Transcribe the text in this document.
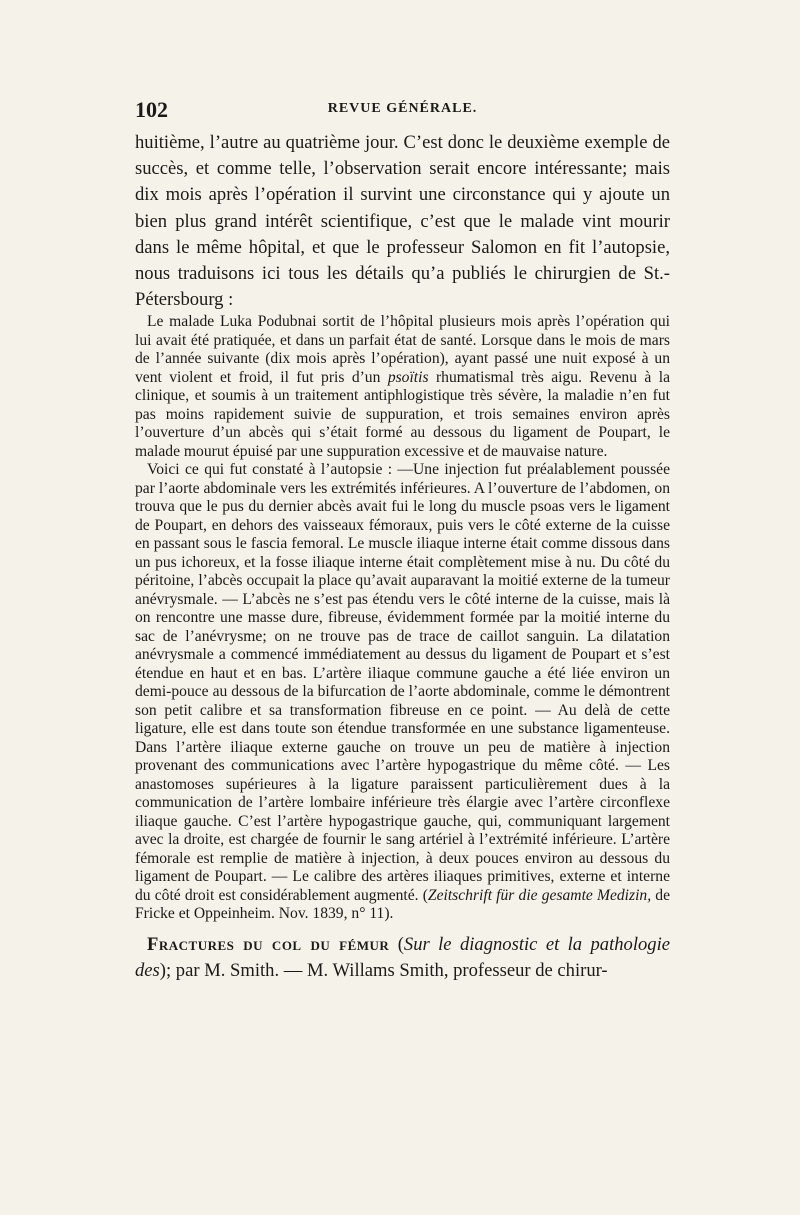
102	REVUE GÉNÉRALE.

huitième, l’autre au quatrième jour. C’est donc le deuxième exemple de succès, et comme telle, l’observation serait encore intéressante; mais dix mois après l’opération il survint une circonstance qui y ajoute un bien plus grand intérêt scientifique, c’est que le malade vint mourir dans le même hôpital, et que le professeur Salomon en fit l’autopsie, nous traduisons ici tous les détails qu’a publiés le chirurgien de St.-Pétersbourg :

Le malade Luka Podubnai sortit de l’hôpital plusieurs mois après l’opération qui lui avait été pratiquée, et dans un parfait état de santé. Lorsque dans le mois de mars de l’année suivante (dix mois après l’opération), ayant passé une nuit exposé à un vent violent et froid, il fut pris d’un psoïtis rhumatismal très aigu. Revenu à la clinique, et soumis à un traitement antiphlogistique très sévère, la maladie n’en fut pas moins rapidement suivie de suppuration, et trois semaines environ après l’ouverture d’un abcès qui s’était formé au dessous du ligament de Poupart, le malade mourut épuisé par une suppuration excessive et de mauvaise nature.

Voici ce qui fut constaté à l’autopsie : —Une injection fut préalablement poussée par l’aorte abdominale vers les extrémités inférieures. A l’ouverture de l’abdomen, on trouva que le pus du dernier abcès avait fui le long du muscle psoas vers le ligament de Poupart, en dehors des vaisseaux fémoraux, puis vers le côté externe de la cuisse en passant sous le fascia femoral. Le muscle iliaque interne était comme dissous dans un pus ichoreux, et la fosse iliaque interne était complètement mise à nu. Du côté du péritoine, l’abcès occupait la place qu’avait auparavant la moitié externe de la tumeur anévrysmale. — L’abcès ne s’est pas étendu vers le côté interne de la cuisse, mais là on rencontre une masse dure, fibreuse, évidemment formée par la moitié interne du sac de l’anévrysme; on ne trouve pas de trace de caillot sanguin. La dilatation anévrysmale a commencé immédiatement au dessus du ligament de Poupart et s’est étendue en haut et en bas. L’artère iliaque commune gauche a été liée environ un demi-pouce au dessous de la bifurcation de l’aorte abdominale, comme le démontrent son petit calibre et sa transformation fibreuse en ce point. — Au delà de cette ligature, elle est dans toute son étendue transformée en une substance ligamenteuse. Dans l’artère iliaque externe gauche on trouve un peu de matière à injection provenant des communications avec l’artère hypogastrique du même côté. — Les anastomoses supérieures à la ligature paraissent particulièrement dues à la communication de l’artère lombaire inférieure très élargie avec l’artère circonflexe iliaque gauche. C’est l’artère hypogastrique gauche, qui, communiquant largement avec la droite, est chargée de fournir le sang artériel à l’extrémité inférieure. L’artère fémorale est remplie de matière à injection, à deux pouces environ au dessous du ligament de Poupart. — Le calibre des artères iliaques primitives, externe et interne du côté droit est considérablement augmenté. (Zeitschrift für die gesamte Medizin, de Fricke et Oppeinheim. Nov. 1839, n° 11).

Fractures du col du fémur (Sur le diagnostic et la pathologie des); par M. Smith. — M. Willams Smith, professeur de chirur-
